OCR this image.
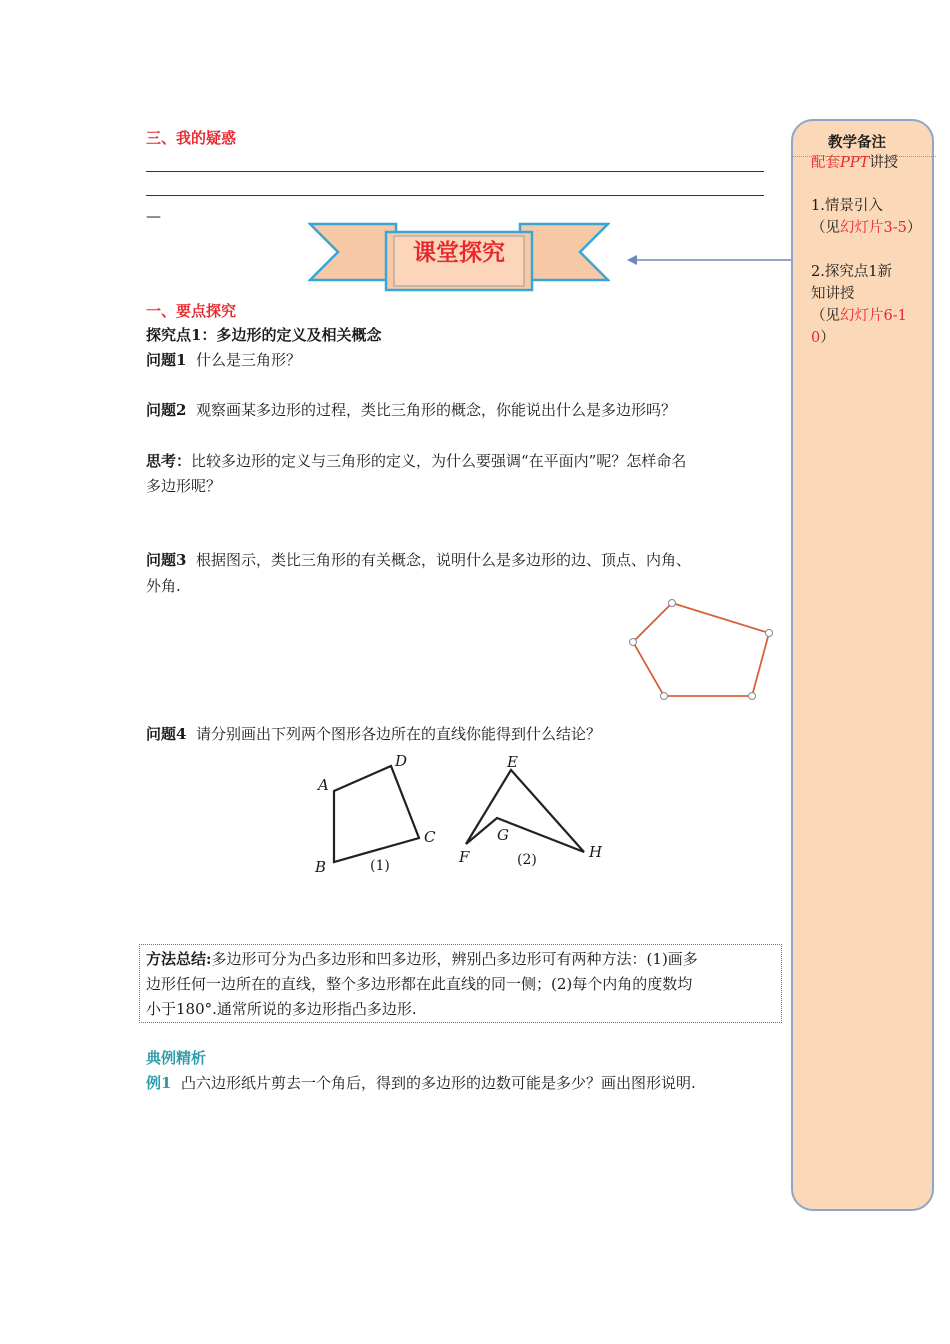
三、我的疑惑
—
课堂探究
一、要点探究
探究点1：多边形的定义及相关概念
问题1 什么是三角形？
问题2 观察画某多边形的过程，类比三角形的概念，你能说出什么是多边形吗？
思考：比较多边形的定义与三角形的定义，为什么要强调“在平面内”呢？怎样命名
多边形呢？
问题3 根据图示，类比三角形的有关概念，说明什么是多边形的边、顶点、内角、
外角.
问题4 请分别画出下列两个图形各边所在的直线你能得到什么结论？
A
B
C
D
(1)
E
F
G
H
(2)
方法总结:多边形可分为凸多边形和凹多边形，辨别凸多边形可有两种方法：(1)画多
边形任何一边所在的直线，整个多边形都在此直线的同一侧；(2)每个内角的度数均
小于180°.通常所说的多边形指凸多边形.
典例精析
例1 凸六边形纸片剪去一个角后，得到的多边形的边数可能是多少？画出图形说明.
教学备注
配套PPT讲授
1.情景引入
（见幻灯片3-5）
2.探究点1新
知讲授
（见幻灯片6-10）
